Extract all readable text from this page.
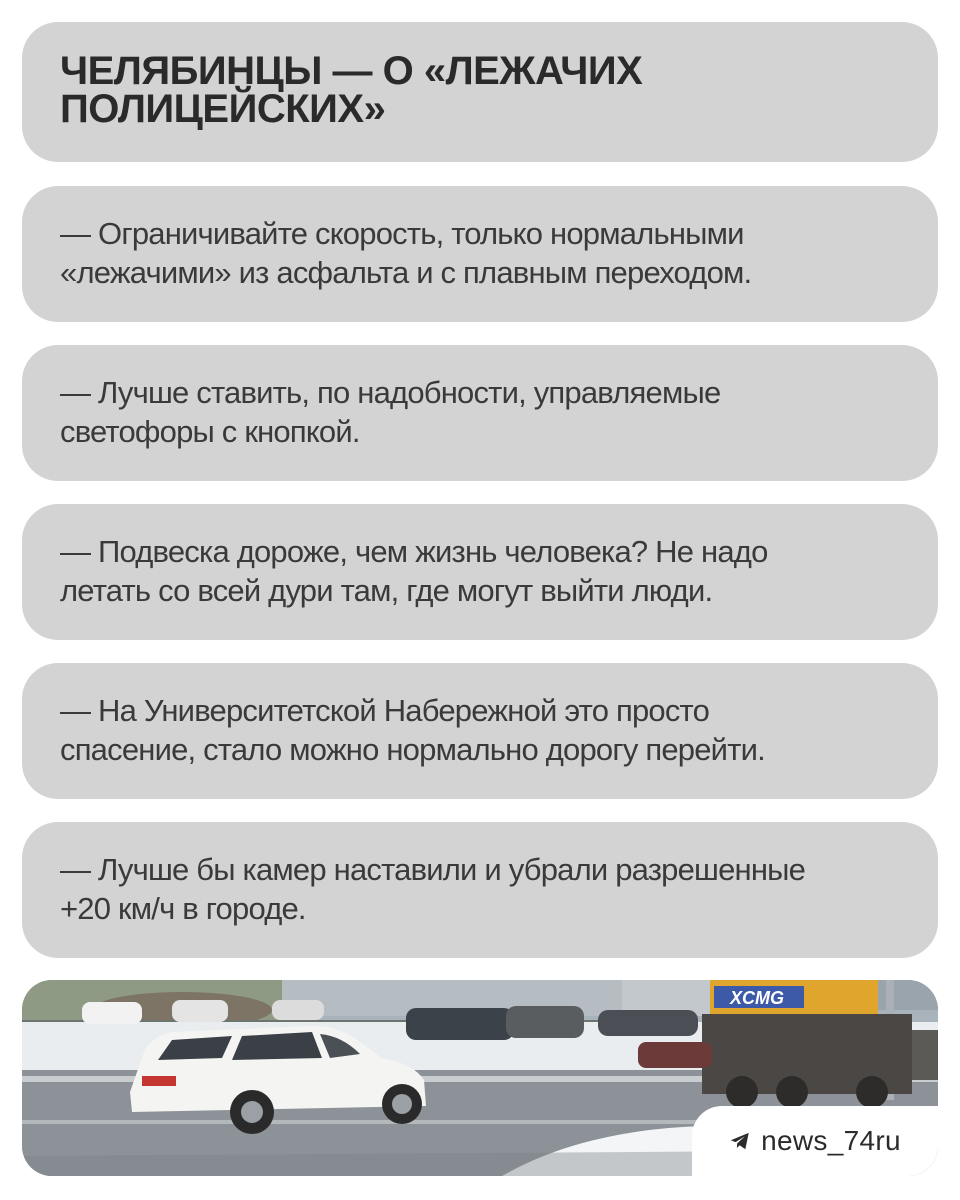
ЧЕЛЯБИНЦЫ — О «ЛЕЖАЧИХ
ПОЛИЦЕЙСКИХ»

— Ограничивайте скорость, только нормальными
«лежачими» из асфальта и с плавным переходом.

— Лучше ставить, по надобности, управляемые
светофоры с кнопкой.

— Подвеска дороже, чем жизнь человека? Не надо
летать со всей дури там, где могут выйти люди.

— На Университетской Набережной это просто
спасение, стало можно нормально дорогу перейти.

— Лучше бы камер наставили и убрали разрешенные
+20 км/ч в городе.

XCMG
news_74ru
